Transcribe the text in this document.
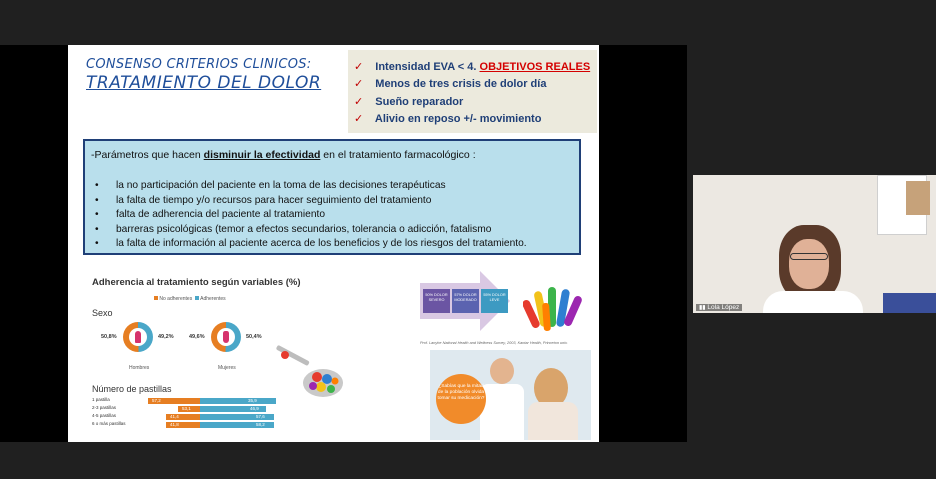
CONSENSO CRITERIOS CLINICOS:
TRATAMIENTO DEL DOLOR
✓ Intensidad EVA < 4. OBJETIVOS REALES
✓ Menos de tres crisis de dolor día
✓ Sueño reparador
✓ Alivio en reposo +/- movimiento
-Parámetros que hacen disminuir la efectividad en el tratamiento farmacológico :
• la no participación del paciente en la toma de las decisiones terapéuticas
• la falta de tiempo y/o recursos para hacer seguimiento del tratamiento
• falta de adherencia del paciente al tratamiento
• barreras psicológicas (temor a efectos secundarios, tolerancia o adicción, fatalismo
• la falta de información al paciente acerca de los beneficios y de los riesgos del tratamiento.
Adherencia al tratamiento según variables (%)
No adherentes Adherentes
Sexo
50,8%	49,2%
Hombres
49,6%	50,4%
Mujeres
Número de pastillas
1 pastilla	57,2	35,9
2-3 pastillas	53,1	46,9
4-5 pastillas	41,4	57,6
6 o más pastillas	41,8	58,2
50% DOLOR SEVERO
57% DOLOR MODERADO
55% DOLOR LEVE
Prof. Lanyhe National Health and Wellness Survey, 2003, Kantar Health, Princeton univ.
¿Sabías que la mitad de la población olvida tomar su medicación?
▮▮ Lola López
